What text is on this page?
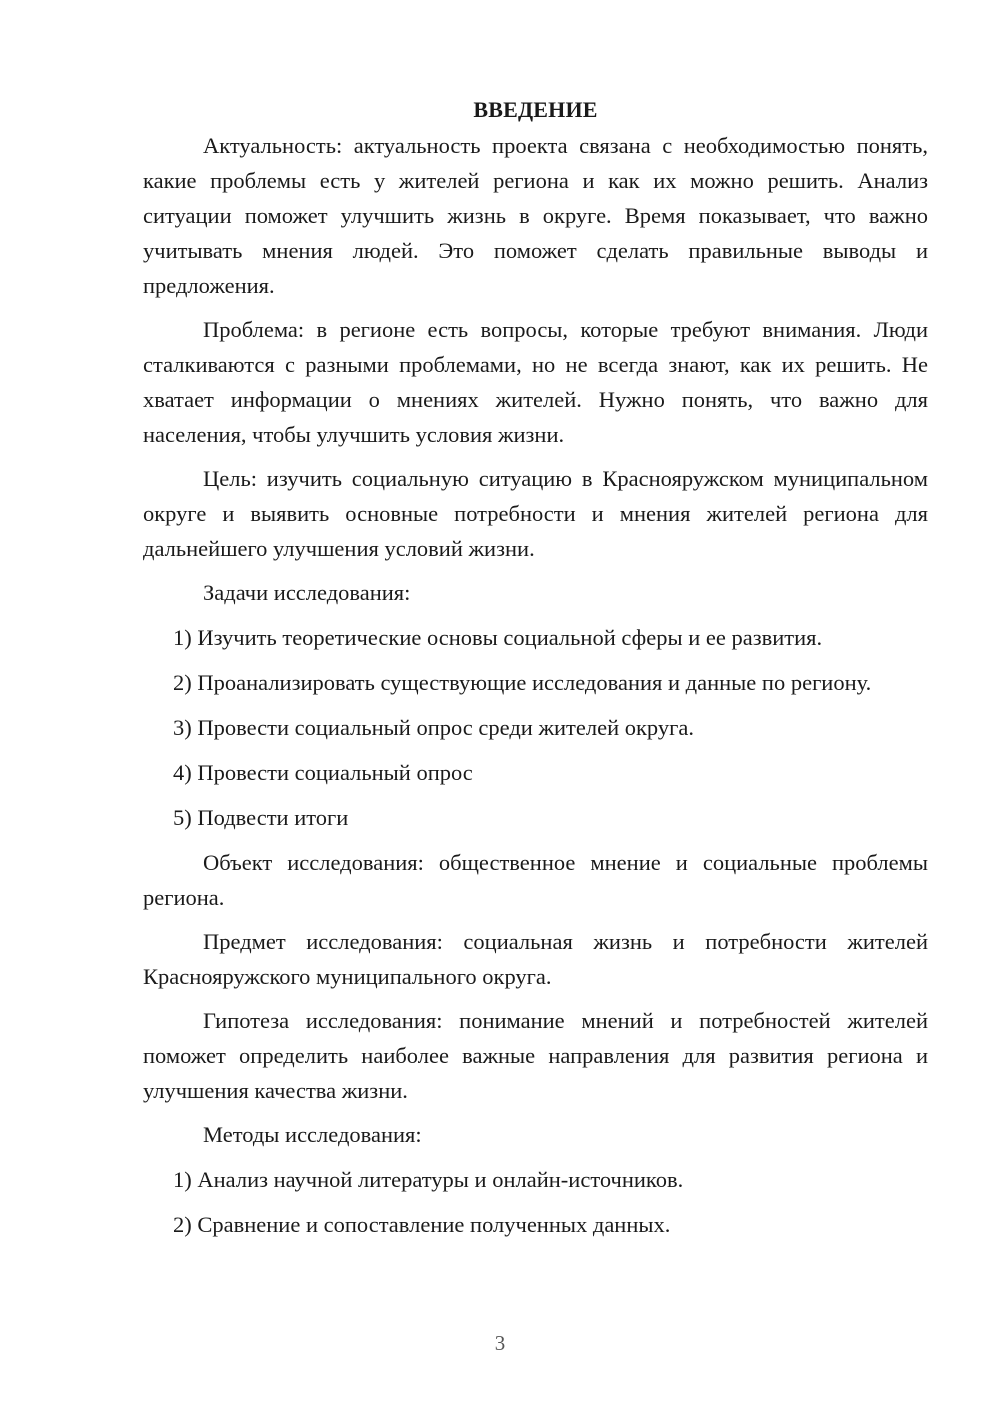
ВВЕДЕНИЕ

Актуальность: актуальность проекта связана с необходимостью понять, какие проблемы есть у жителей региона и как их можно решить. Анализ ситуации поможет улучшить жизнь в округе. Время показывает, что важно учитывать мнения людей. Это поможет сделать правильные выводы и предложения.

Проблема: в регионе есть вопросы, которые требуют внимания. Люди сталкиваются с разными проблемами, но не всегда знают, как их решить. Не хватает информации о мнениях жителей. Нужно понять, что важно для населения, чтобы улучшить условия жизни.

Цель: изучить социальную ситуацию в Краснояружском муниципальном округе и выявить основные потребности и мнения жителей региона для дальнейшего улучшения условий жизни.

Задачи исследования:

1) Изучить теоретические основы социальной сферы и ее развития.

2) Проанализировать существующие исследования и данные по региону.

3) Провести социальный опрос среди жителей округа.

4) Провести социальный опрос

5) Подвести итоги

Объект исследования: общественное мнение и социальные проблемы региона.

Предмет исследования: социальная жизнь и потребности жителей Краснояружского муниципального округа.

Гипотеза исследования: понимание мнений и потребностей жителей поможет определить наиболее важные направления для развития региона и улучшения качества жизни.

Методы исследования:

1) Анализ научной литературы и онлайн-источников.

2) Сравнение и сопоставление полученных данных.

3
